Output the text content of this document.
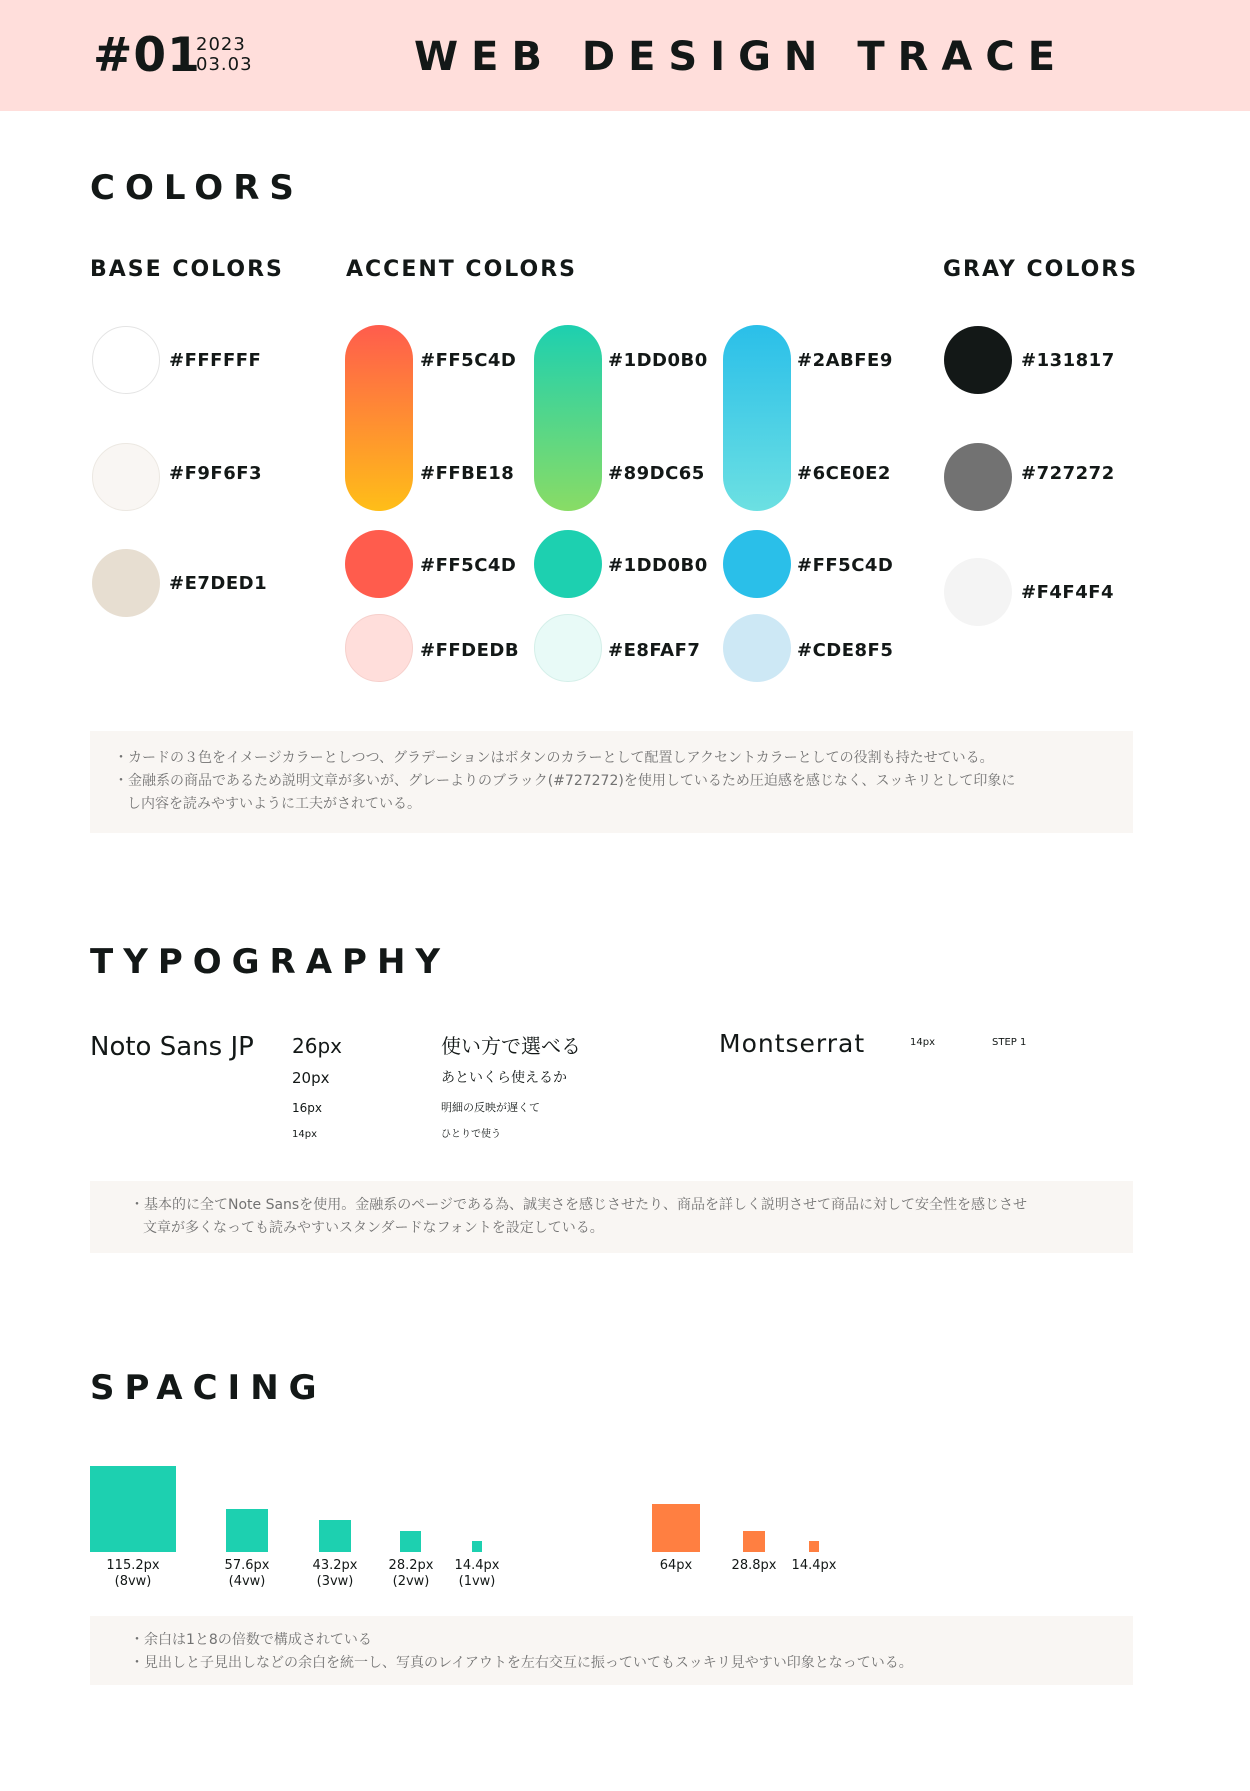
#01
2023
03.03	WEB DESIGN TRACE
COLORS
BASE COLORS	ACCENT COLORS	GRAY COLORS
#FFFFFF
#F9F6F3
#E7DED1
#FF5C4D
#FFBE18
#FF5C4D
#FFDEDB
#1DD0B0
#89DC65
#1DD0B0
#E8FAF7
#2ABFE9
#6CE0E2
#FF5C4D
#CDE8F5
#131817
#727272
#F4F4F4
・カードの３色をイメージカラーとしつつ、グラデーションはボタンのカラーとして配置しアクセントカラーとしての役割も持たせている。
・金融系の商品であるため説明文章が多いが、グレーよりのブラック(#727272)を使用しているため圧迫感を感じなく、スッキリとして印象に
し内容を読みやすいように工夫がされている。
TYPOGRAPHY
Noto Sans JP 26px
20px
16px
14px
使い方で選べる
あといくら使えるか
明細の反映が遅くて
ひとりで使う
Montserrat	14px	STEP 1
・基本的に全てNote Sansを使用。金融系のページである為、誠実さを感じさせたり、商品を詳しく説明させて商品に対して安全性を感じさせ
文章が多くなっても読みやすいスタンダードなフォントを設定している。
SPACING
115.2px
(8vw)
57.6px
(4vw)
43.2px
(3vw)
28.2px
(2vw)
14.4px
(1vw)
64px	28.8px	14.4px
・余白は1と8の倍数で構成されている
・見出しと子見出しなどの余白を統一し、写真のレイアウトを左右交互に振っていてもスッキリ見やすい印象となっている。
